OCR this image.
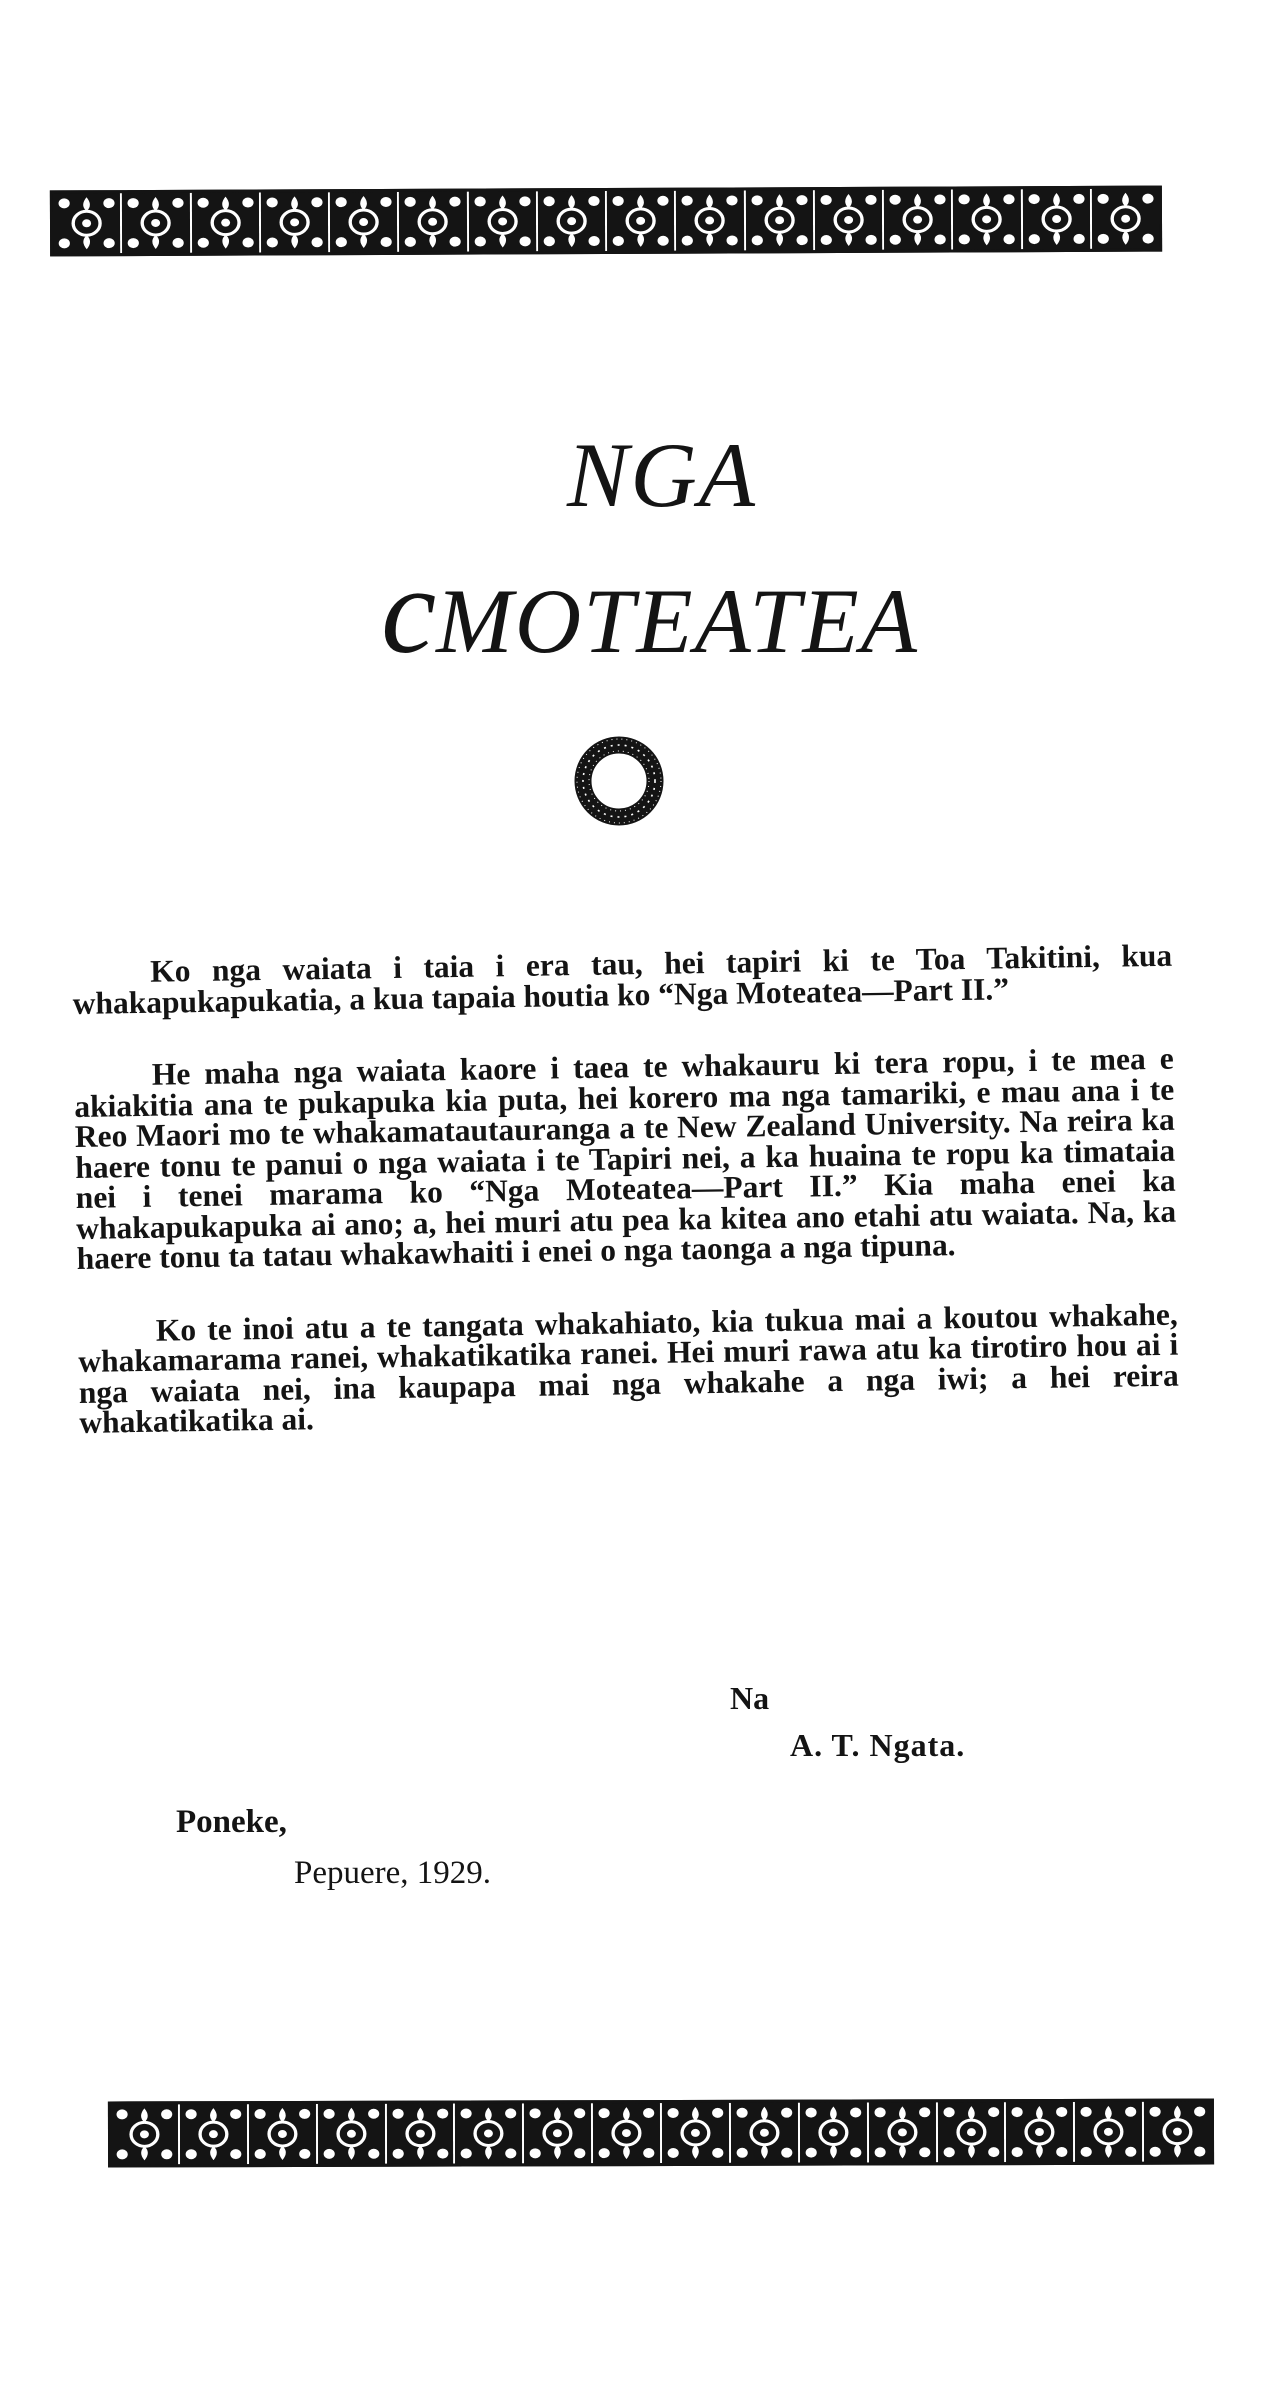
NGA
cMOTEATEA

Ko nga waiata i taia i era tau, hei tapiri ki te Toa Takitini, kua whakapukapukatia, a kua tapaia houtia ko “Nga Moteatea—Part II.”

He maha nga waiata kaore i taea te whakauru ki tera ropu, i te mea e akiakitia ana te pukapuka kia puta, hei korero ma nga tamariki, e mau ana i te Reo Maori mo te whakamatautauranga a te New Zealand University. Na reira ka haere tonu te panui o nga waiata i te Tapiri nei, a ka huaina te ropu ka timataia nei i tenei marama ko “Nga Moteatea—Part II.” Kia maha enei ka whakapukapuka ai ano; a, hei muri atu pea ka kitea ano etahi atu waiata. Na, ka haere tonu ta tatau whakawhaiti i enei o nga taonga a nga tipuna.

Ko te inoi atu a te tangata whakahiato, kia tukua mai a koutou whakahe, whakamarama ranei, whakatikatika ranei. Hei muri rawa atu ka tirotiro hou ai i nga waiata nei, ina kaupapa mai nga whakahe a nga iwi; a hei reira whakatikatika ai.

Na
A. T. Ngata.
Poneke,
Pepuere, 1929.
